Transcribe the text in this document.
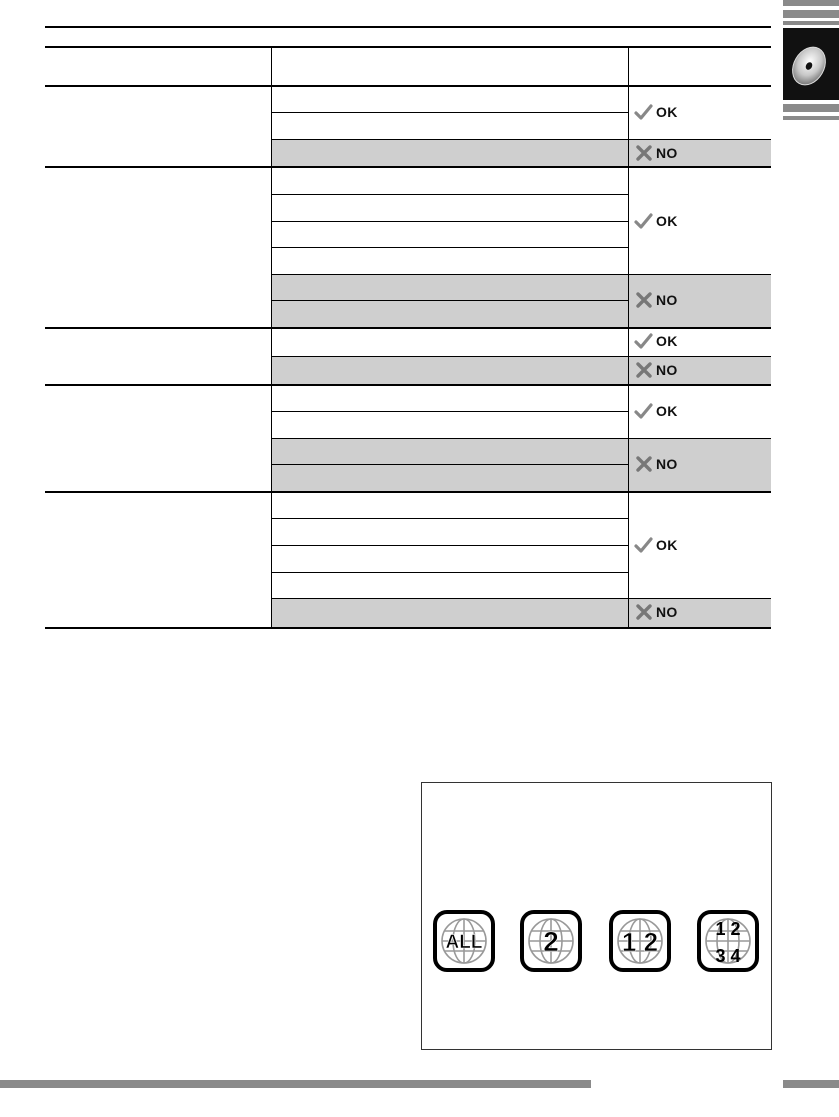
OK
NO
OK
NO
OK
NO
OK
NO
OK
NO
ALL 2 1 2	1 2
3 4
